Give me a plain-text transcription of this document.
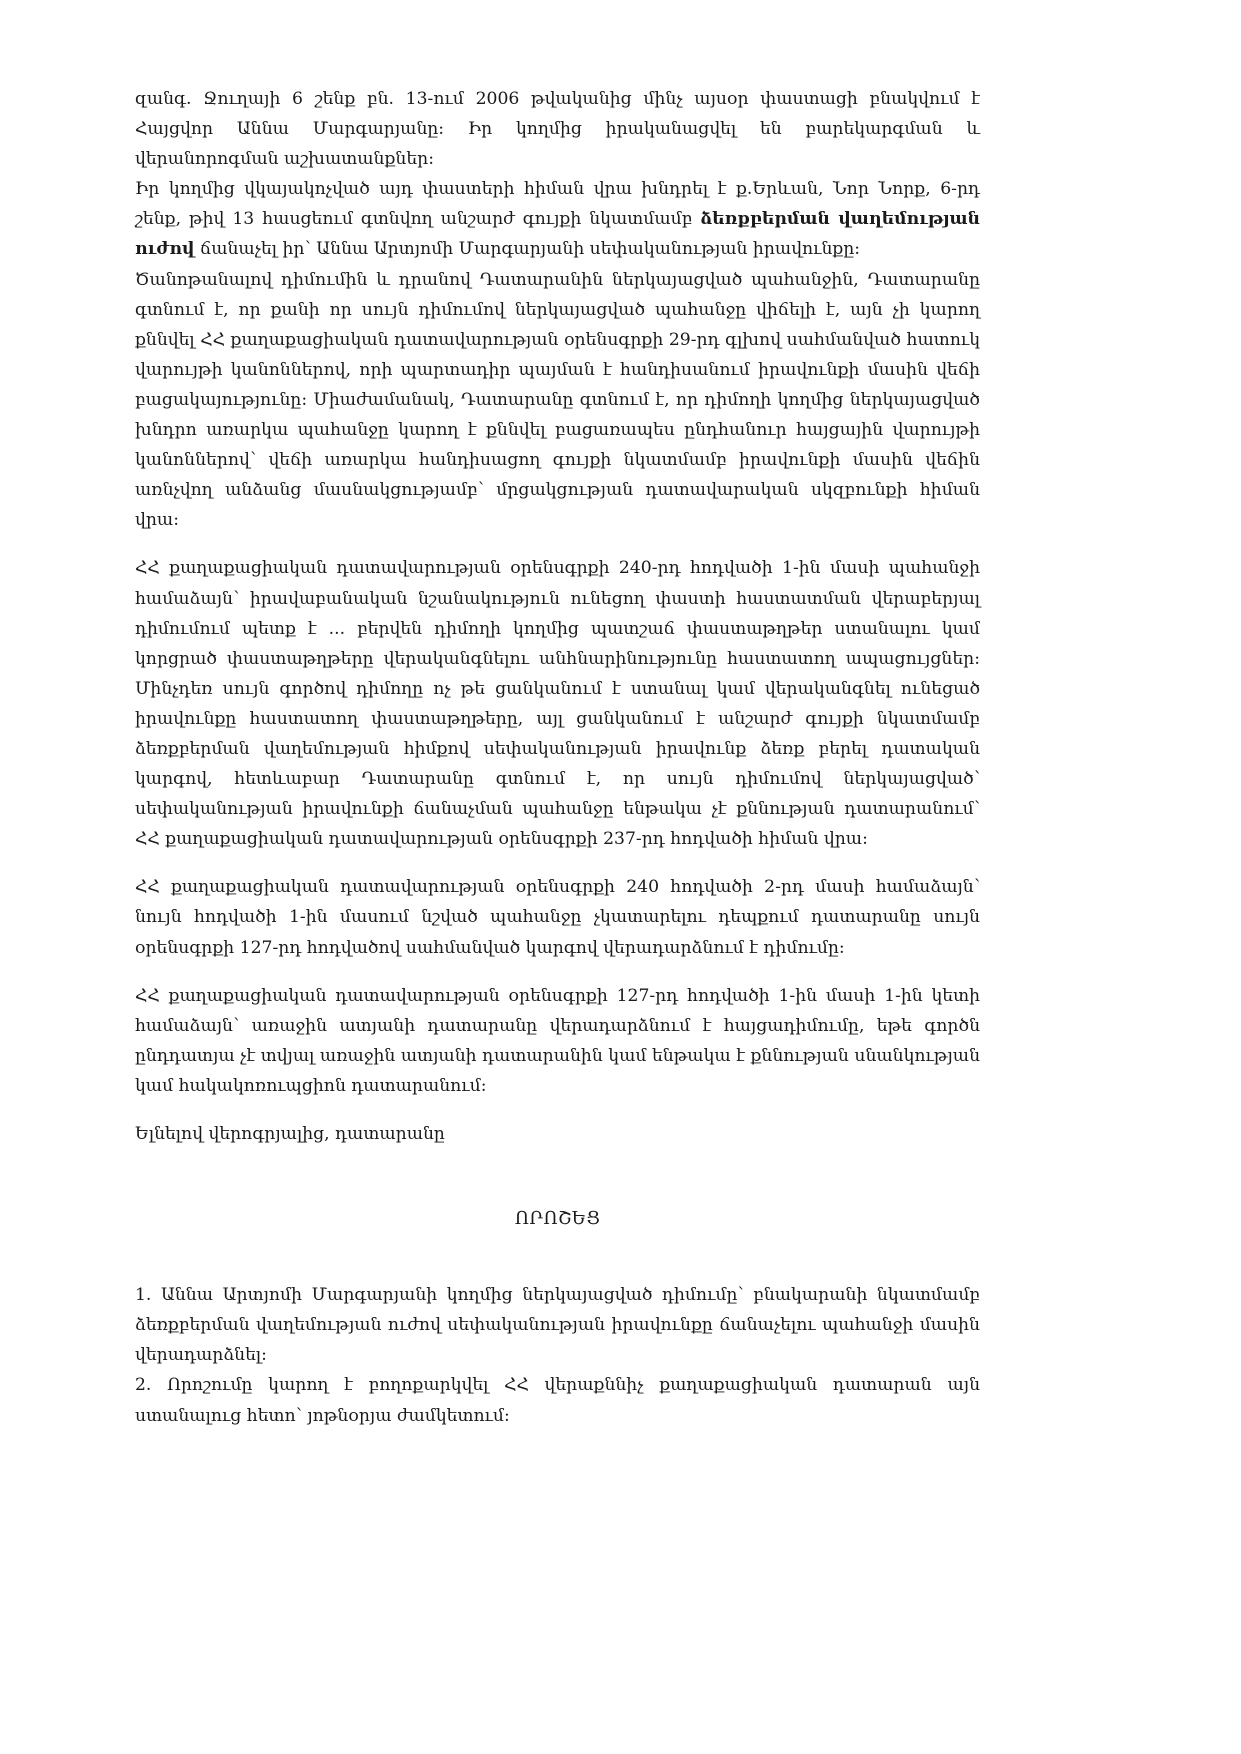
զանգ. Ջուղայի 6 շենք բն. 13-ում 2006 թվականից մինչ այսօր փաստացի բնակվում է Հայցվոր Աննա Մարգարյանը: Իր կողմից իրականացվել են բարեկարգման և վերանորոգման աշխատանքներ:

Իր կողմից վկայակոչված այդ փաստերի հիման վրա խնդրել է ք.Երևան, Նոր Նորք, 6-րդ շենք, թիվ 13 հասցեում գտնվող անշարժ գույքի նկատմամբ ձեռքբերման վաղեմության ուժով ճանաչել իր՝ Աննա Արտյոմի Մարգարյանի սեփականության իրավունքը:

Ծանոթանալով դիմումին և դրանով Դատարանին ներկայացված պահանջին, Դատարանը գտնում է, որ քանի որ սույն դիմումով ներկայացված պահանջը վիճելի է, այն չի կարող քննվել ՀՀ քաղաքացիական դատավարության օրենսգրքի 29-րդ գլխով սահմանված հատուկ վարույթի կանոններով, որի պարտադիր պայման է հանդիսանում իրավունքի մասին վեճի բացակայությունը: Միաժամանակ, Դատարանը գտնում է, որ դիմողի կողմից ներկայացված խնդրո առարկա պահանջը կարող է քննվել բացառապես ընդհանուր հայցային վարույթի կանոններով՝ վեճի առարկա հանդիսացող գույքի նկատմամբ իրավունքի մասին վեճին առնչվող անձանց մասնակցությամբ՝ մրցակցության դատավարական սկզբունքի հիման վրա:

ՀՀ քաղաքացիական դատավարության օրենսգրքի 240-րդ հոդվածի 1-ին մասի պահանջի համաձայն՝ իրավաբանական նշանակություն ունեցող փաստի հաստատման վերաբերյալ դիմումում պետք է ... բերվեն դիմողի կողմից պատշաճ փաստաթղթեր ստանալու կամ կորցրած փաստաթղթերը վերականգնելու անհնարինությունը հաստատող ապացույցներ: Մինչդեռ սույն գործով դիմողը ոչ թե ցանկանում է ստանալ կամ վերականգնել ունեցած իրավունքը հաստատող փաստաթղթերը, այլ ցանկանում է անշարժ գույքի նկատմամբ ձեռքբերման վաղեմության հիմքով սեփականության իրավունք ձեռք բերել դատական կարգով, հետևաբար Դատարանը գտնում է, որ սույն դիմումով ներկայացված՝ սեփականության իրավունքի ճանաչման պահանջը ենթակա չէ քննության դատարանում՝ ՀՀ քաղաքացիական դատավարության օրենսգրքի 237-րդ հոդվածի հիման վրա:

ՀՀ քաղաքացիական դատավարության օրենսգրքի 240 հոդվածի 2-րդ մասի համաձայն՝ նույն հոդվածի 1-ին մասում նշված պահանջը չկատարելու դեպքում դատարանը սույն օրենսգրքի 127-րդ հոդվածով սահմանված կարգով վերադարձնում է դիմումը:

ՀՀ քաղաքացիական դատավարության օրենսգրքի 127-րդ հոդվածի 1-ին մասի 1-ին կետի համաձայն՝ առաջին ատյանի դատարանը վերադարձնում է հայցադիմումը, եթե գործն ընդդատյա չէ տվյալ առաջին ատյանի դատարանին կամ ենթակա է քննության սնանկության կամ հակակոռուպցիոն դատարանում:

Ելնելով վերոգրյալից, դատարանը

ՈՐՈՇԵՑ

1. Աննա Արտյոմի Մարգարյանի կողմից ներկայացված դիմումը՝ բնակարանի նկատմամբ ձեռքբերման վաղեմության ուժով սեփականության իրավունքը ճանաչելու պահանջի մասին վերադարձնել:

2. Որոշումը կարող է բողոքարկվել ՀՀ վերաքննիչ քաղաքացիական դատարան այն ստանալուց հետո՝ յոթնօրյա ժամկետում:
